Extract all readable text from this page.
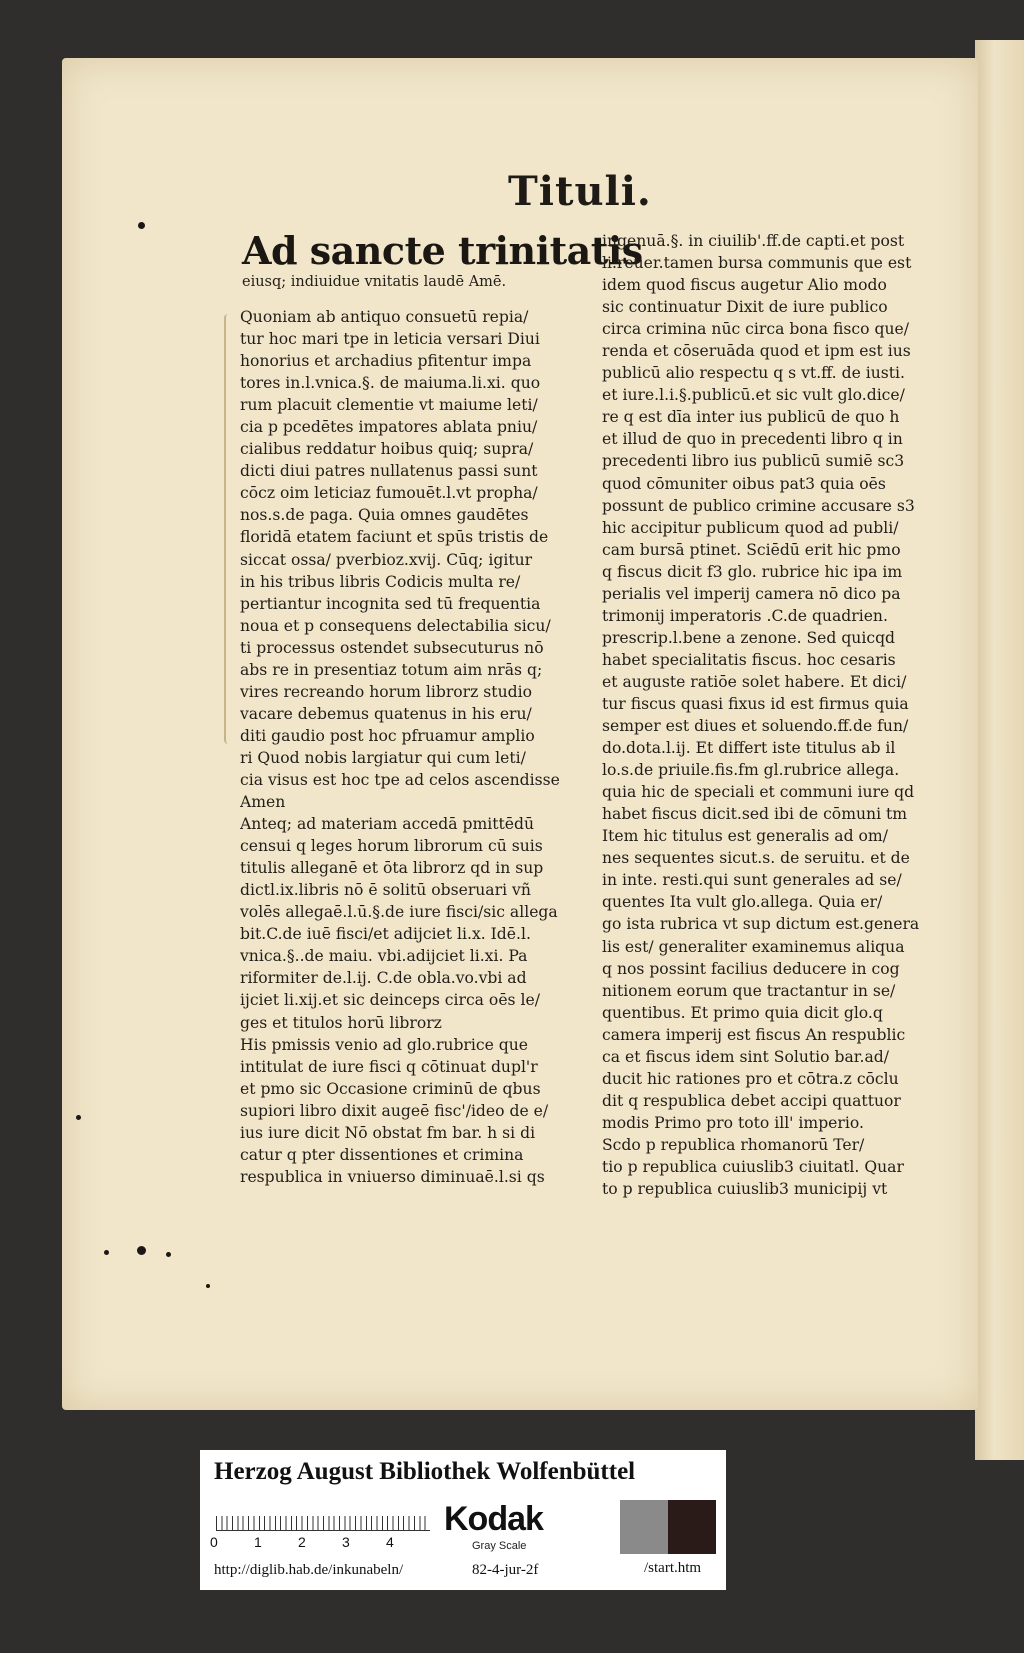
Tituli.
Ad sancte trinitatis
eiusq; indiuidue vnitatis laudē Amē.
Quoniam ab antiquo consuetū repia/
tur hoc mari tpe in leticia versari Diui
honorius et archadius pfitentur impa
tores in.l.vnica.§. de maiuma.li.xi. quo
rum placuit clementie vt maiume leti/
cia p pcedētes impatores ablata pniu/
cialibus reddatur hoibus quiq; supra/
dicti diui patres nullatenus passi sunt
cōcz oim leticiaz fumouēt.l.vt propha/
nos.s.de paga. Quia omnes gaudētes
floridā etatem faciunt et spūs tristis de
siccat ossa/ pverbioz.xvij. Cūq; igitur
in his tribus libris Codicis multa re/
pertiantur incognita sed tū frequentia
noua et p consequens delectabilia sicu/
ti processus ostendet subsecuturus nō
abs re in presentiaz totum aim nrās q;
vires recreando horum librorz studio
vacare debemus quatenus in his eru/
diti gaudio post hoc pfruamur amplio
ri Quod nobis largiatur qui cum leti/
cia visus est hoc tpe ad celos ascendisse
Amen
Anteq; ad materiam accedā pmittēdū
censui q leges horum librorum cū suis
titulis alleganē et ōta librorz qd in sup
dictl.ix.libris nō ē solitū obseruari vñ
volēs allegaē.l.ū.§.de iure fisci/sic allega
bit.C.de iuē fisci/et adijciet li.x. Idē.l.
vnica.§..de maiu. vbi.adijciet li.xi. Pa
riformiter de.l.ij. C.de obla.vo.vbi ad
ijciet li.xij.et sic deinceps circa oēs le/
ges et titulos horū librorz
His pmissis venio ad glo.rubrice que
intitulat de iure fisci q cōtinuat dupl'r
et pmo sic Occasione criminū de qbus
supiori libro dixit augeē fisc'/ideo de e/
ius iure dicit Nō obstat fm bar. h si di
catur q pter dissentiones et crimina
respublica in vniuerso diminuaē.l.si qs
ingenuā.§. in ciuilib'.ff.de capti.et post
li.reuer.tamen bursa communis que est
idem quod fiscus augetur Alio modo
sic continuatur Dixit de iure publico
circa crimina nūc circa bona fisco que/
renda et cōseruāda quod et ipm est ius
publicū alio respectu q s vt.ff. de iusti.
et iure.l.i.§.publicū.et sic vult glo.dice/
re q est dīa inter ius publicū de quo h
et illud de quo in precedenti libro q in
precedenti libro ius publicū sumiē sc3
quod cōmuniter oibus pat3 quia oēs
possunt de publico crimine accusare s3
hic accipitur publicum quod ad publi/
cam bursā ptinet. Sciēdū erit hic pmo
q fiscus dicit f3 glo. rubrice hic ipa im
perialis vel imperij camera nō dico pa
trimonij imperatoris .C.de quadrien.
prescrip.l.bene a zenone. Sed quicqd
habet specialitatis fiscus. hoc cesaris
et auguste ratiōe solet habere. Et dici/
tur fiscus quasi fixus id est firmus quia
semper est diues et soluendo.ff.de fun/
do.dota.l.ij. Et differt iste titulus ab il
lo.s.de priuile.fis.fm gl.rubrice allega.
quia hic de speciali et communi iure qd
habet fiscus dicit.sed ibi de cōmuni tm
Item hic titulus est generalis ad om/
nes sequentes sicut.s. de seruitu. et de
in inte. resti.qui sunt generales ad se/
quentes Ita vult glo.allega. Quia er/
go ista rubrica vt sup dictum est.genera
lis est/ generaliter examinemus aliqua
q nos possint facilius deducere in cog
nitionem eorum que tractantur in se/
quentibus. Et primo quia dicit glo.q
camera imperij est fiscus An respublic
ca et fiscus idem sint Solutio bar.ad/
ducit hic rationes pro et cōtra.z cōclu
dit q respublica debet accipi quattuor
modis Primo pro toto ill' imperio.
Scdo p republica rhomanorū Ter/
tio p republica cuiuslib3 ciuitatl. Quar
to p republica cuiuslib3 municipij vt
Herzog August Bibliothek Wolfenbüttel
0	1	2	3	4
Kodak
Gray Scale
http://diglib.hab.de/inkunabeln/	82-4-jur-2f	/start.htm
